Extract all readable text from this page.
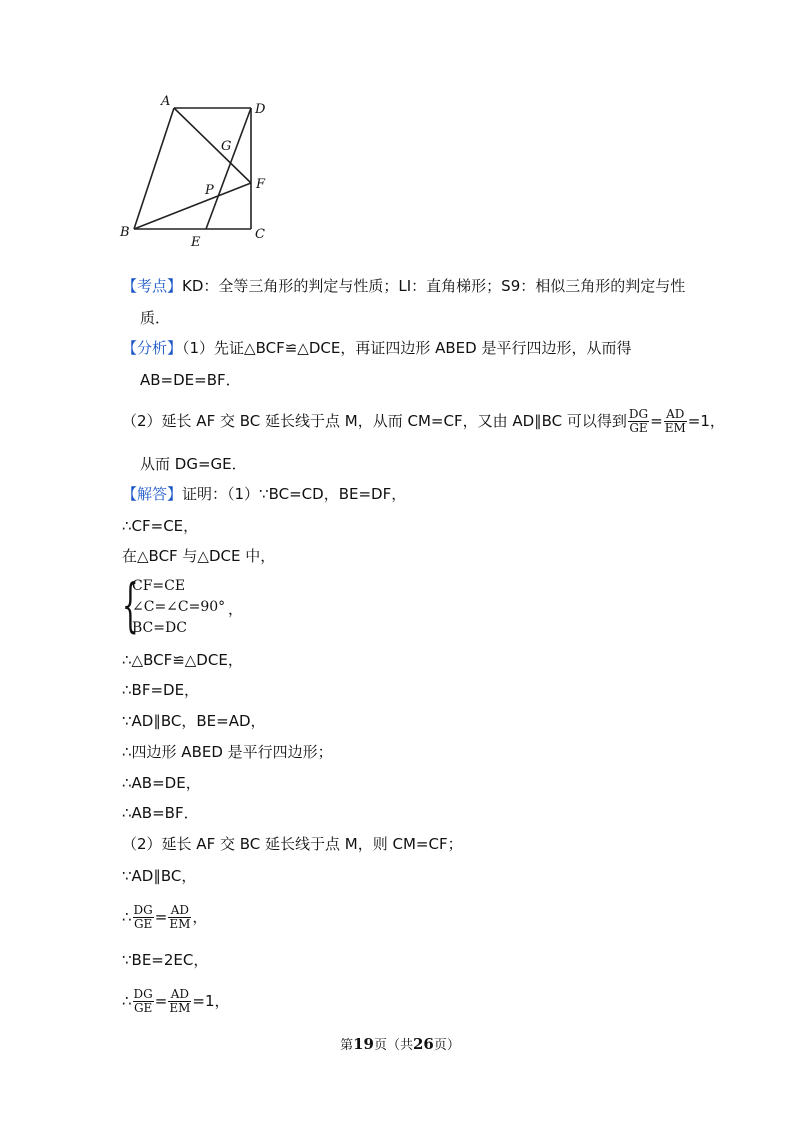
A
D
G
F
P
B
E
C
【考点】KD：全等三角形的判定与性质；LI：直角梯形；S9：相似三角形的判定与性
质．
【分析】（1）先证△BCF≌△DCE，再证四边形 ABED 是平行四边形，从而得
AB=DE=BF．
（2）延长 AF 交 BC 延长线于点 M，从而 CM=CF，又由 AD∥BC 可以得到 $\frac{DG}{GE} = \frac{AD}{EM} =1$，
从而 DG=GE．
【解答】证明：（1）∵BC=CD，BE=DF，
∴CF=CE，
在△BCF 与△DCE 中，
{
CF=CE
∠C=∠C=90°
BC=DC
，
∴△BCF≌△DCE，
∴BF=DE，
∵AD∥BC，BE=AD，
∴四边形 ABED 是平行四边形；
∴AB=DE，
∴AB=BF．
（2）延长 AF 交 BC 延长线于点 M，则 CM=CF；
∵AD∥BC，
∴ $\frac{DG}{GE} = \frac{AD}{EM}$ ，
∵BE=2EC，
∴ $\frac{DG}{GE} = \frac{AD}{EM} =1$，
第19页（共26页）
